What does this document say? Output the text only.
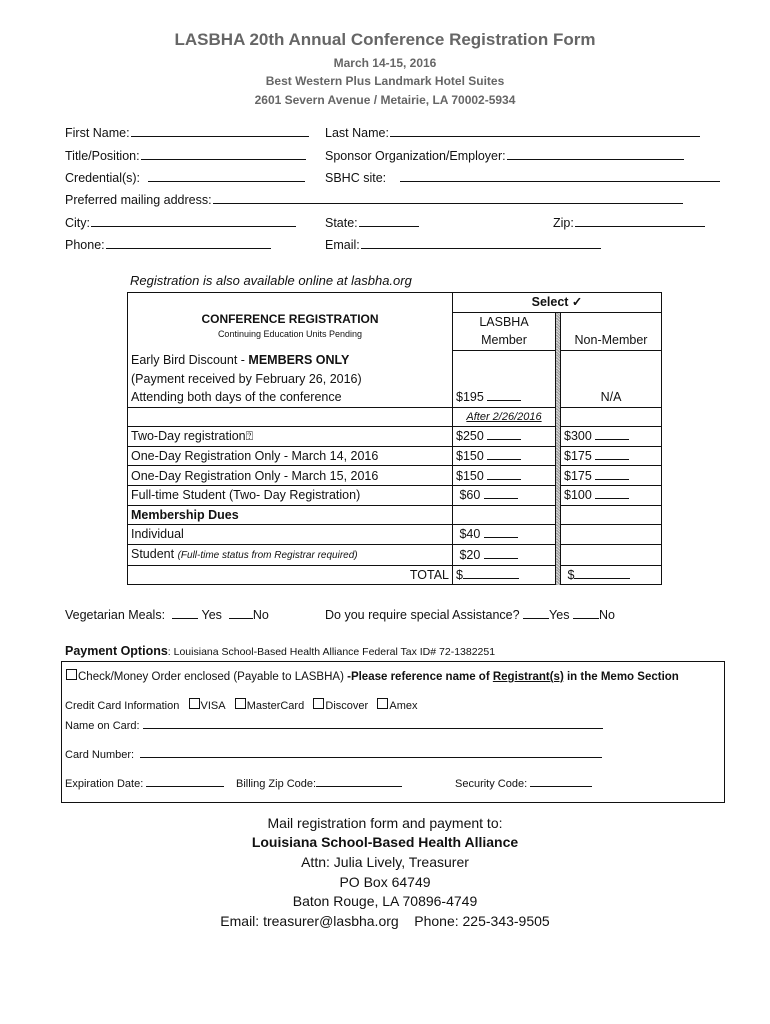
LASBHA 20th Annual Conference Registration Form
March 14-15, 2016
Best Western Plus Landmark Hotel Suites
2601 Severn Avenue / Metairie, LA 70002-5934
First Name:	Last Name:
Title/Position:	Sponsor Organization/Employer:
Credential(s):	SBHC site:
Preferred mailing address:
City:	State:	Zip:
Phone:	Email:
Registration is also available online at lasbha.org
CONFERENCE REGISTRATION
Continuing Education Units Pending	Select ✓		
	LASBHA		
	Member		Non-Member
Early Bird Discount - MEMBERS ONLY			
(Payment received by February 26, 2016)			
Attending both days of the conference	$195		N/A
	After 2/26/2016		
Two-Day registration⍰	$250		$300
One-Day Registration Only - March 14, 2016	$150		$175
One-Day Registration Only - March 15, 2016	$150		$175
Full-time Student (Two- Day Registration)	$60		$100
Membership Dues			
Individual	$40		
Student (Full-time status from Registrar required)	$20		
TOTAL	$		$
Vegetarian Meals:	Yes No	Do you require special Assistance? Yes No
Payment Options: Louisiana School-Based Health Alliance Federal Tax ID# 72-1382251
Check/Money Order enclosed (Payable to LASBHA) -Please reference name of Registrant(s) in the Memo Section
Credit Card Information VISA MasterCard Discover Amex
Name on Card:
Card Number:
Expiration Date:	Billing Zip Code:	Security Code:
Mail registration form and payment to:
Louisiana School-Based Health Alliance
Attn: Julia Lively, Treasurer
PO Box 64749
Baton Rouge, LA 70896-4749
Email: treasurer@lasbha.org Phone: 225-343-9505
